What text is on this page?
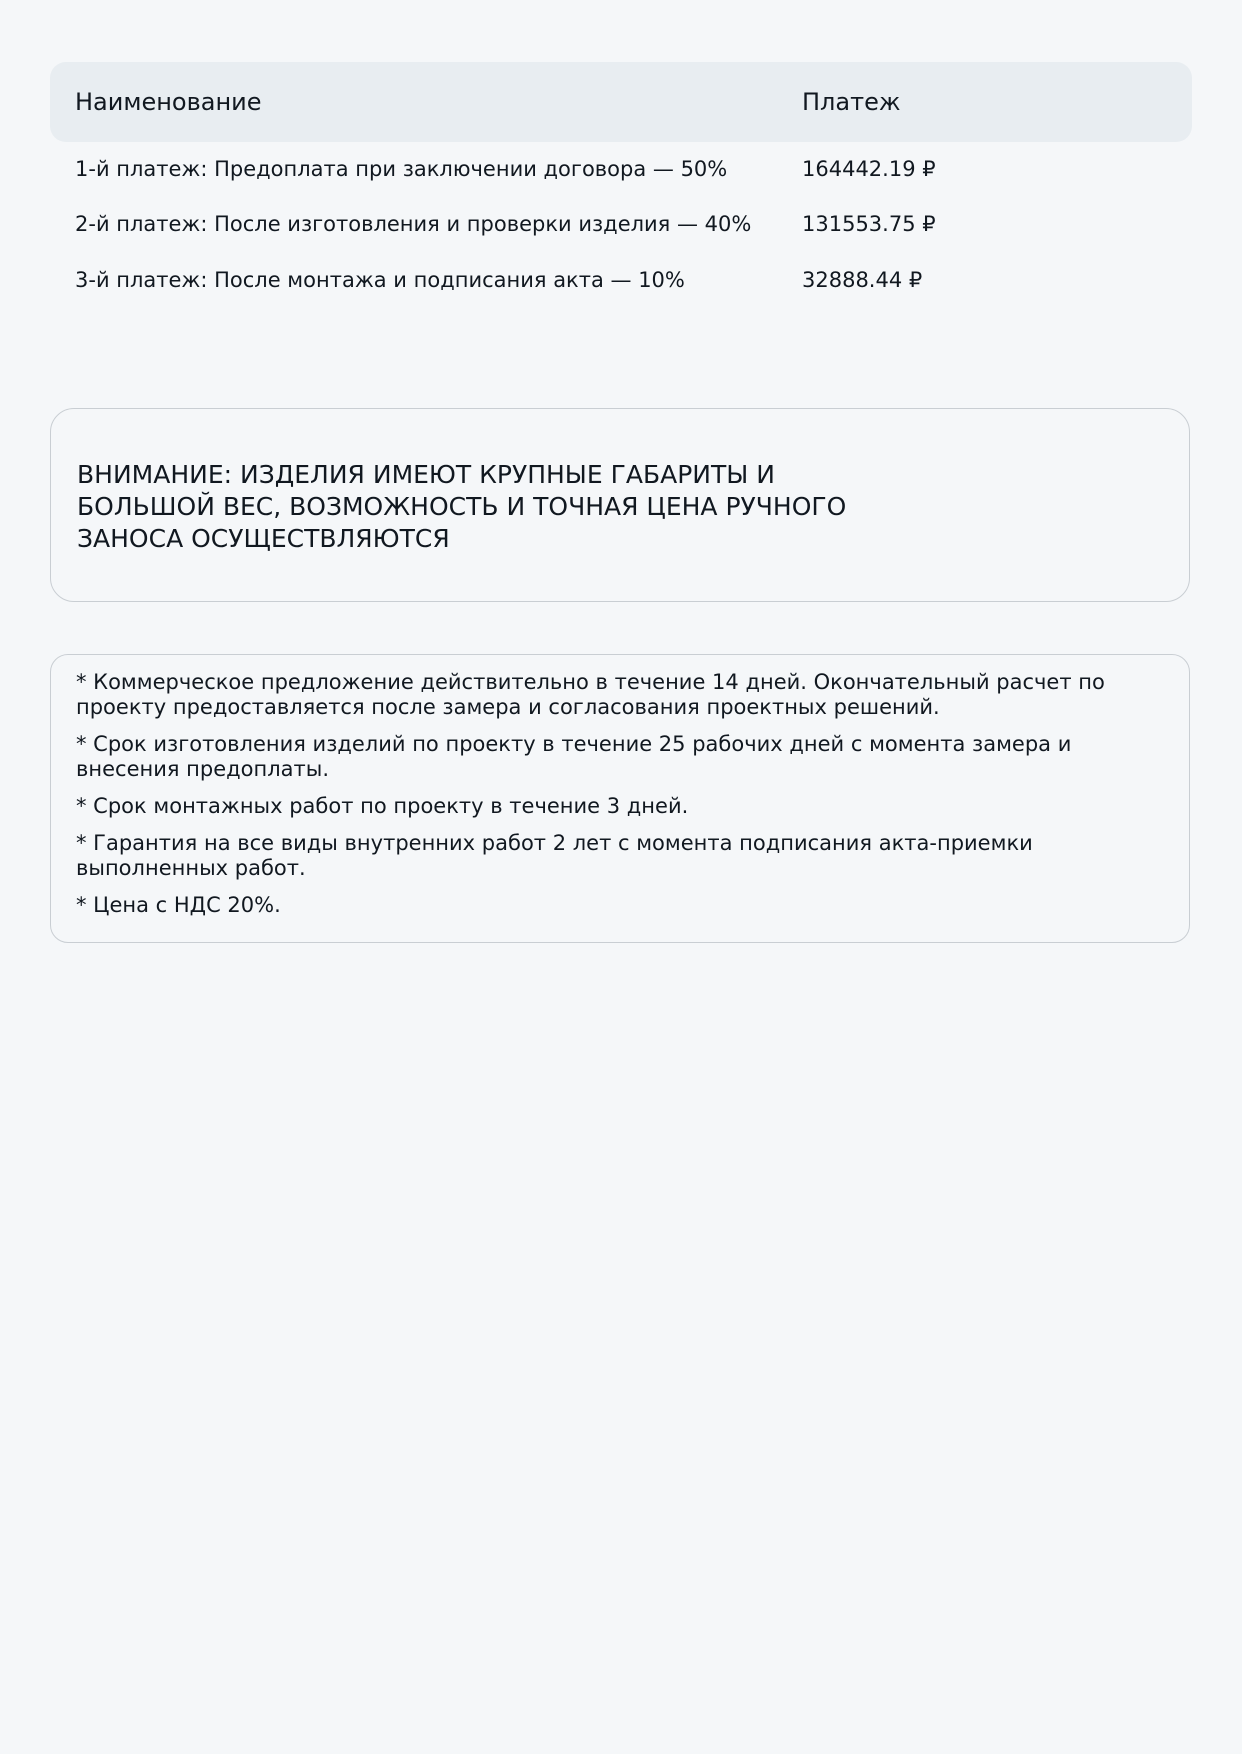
Наименование	Платеж
1-й платеж: Предоплата при заключении договора — 50%	164442.19 ₽
2-й платеж: После изготовления и проверки изделия — 40%	131553.75 ₽
3-й платеж: После монтажа и подписания акта — 10%	32888.44 ₽
ВНИМАНИЕ: ИЗДЕЛИЯ ИМЕЮТ КРУПНЫЕ ГАБАРИТЫ И БОЛЬШОЙ ВЕС, ВОЗМОЖНОСТЬ И ТОЧНАЯ ЦЕНА РУЧНОГО ЗАНОСА ОСУЩЕСТВЛЯЮТСЯ
* Коммерческое предложение действительно в течение 14 дней. Окончательный расчет по проекту предоставляется после замера и согласования проектных решений.
* Срок изготовления изделий по проекту в течение 25 рабочих дней с момента замера и внесения предоплаты.
* Срок монтажных работ по проекту в течение 3 дней.
* Гарантия на все виды внутренних работ 2 лет с момента подписания акта-приемки выполненных работ.
* Цена с НДС 20%.
